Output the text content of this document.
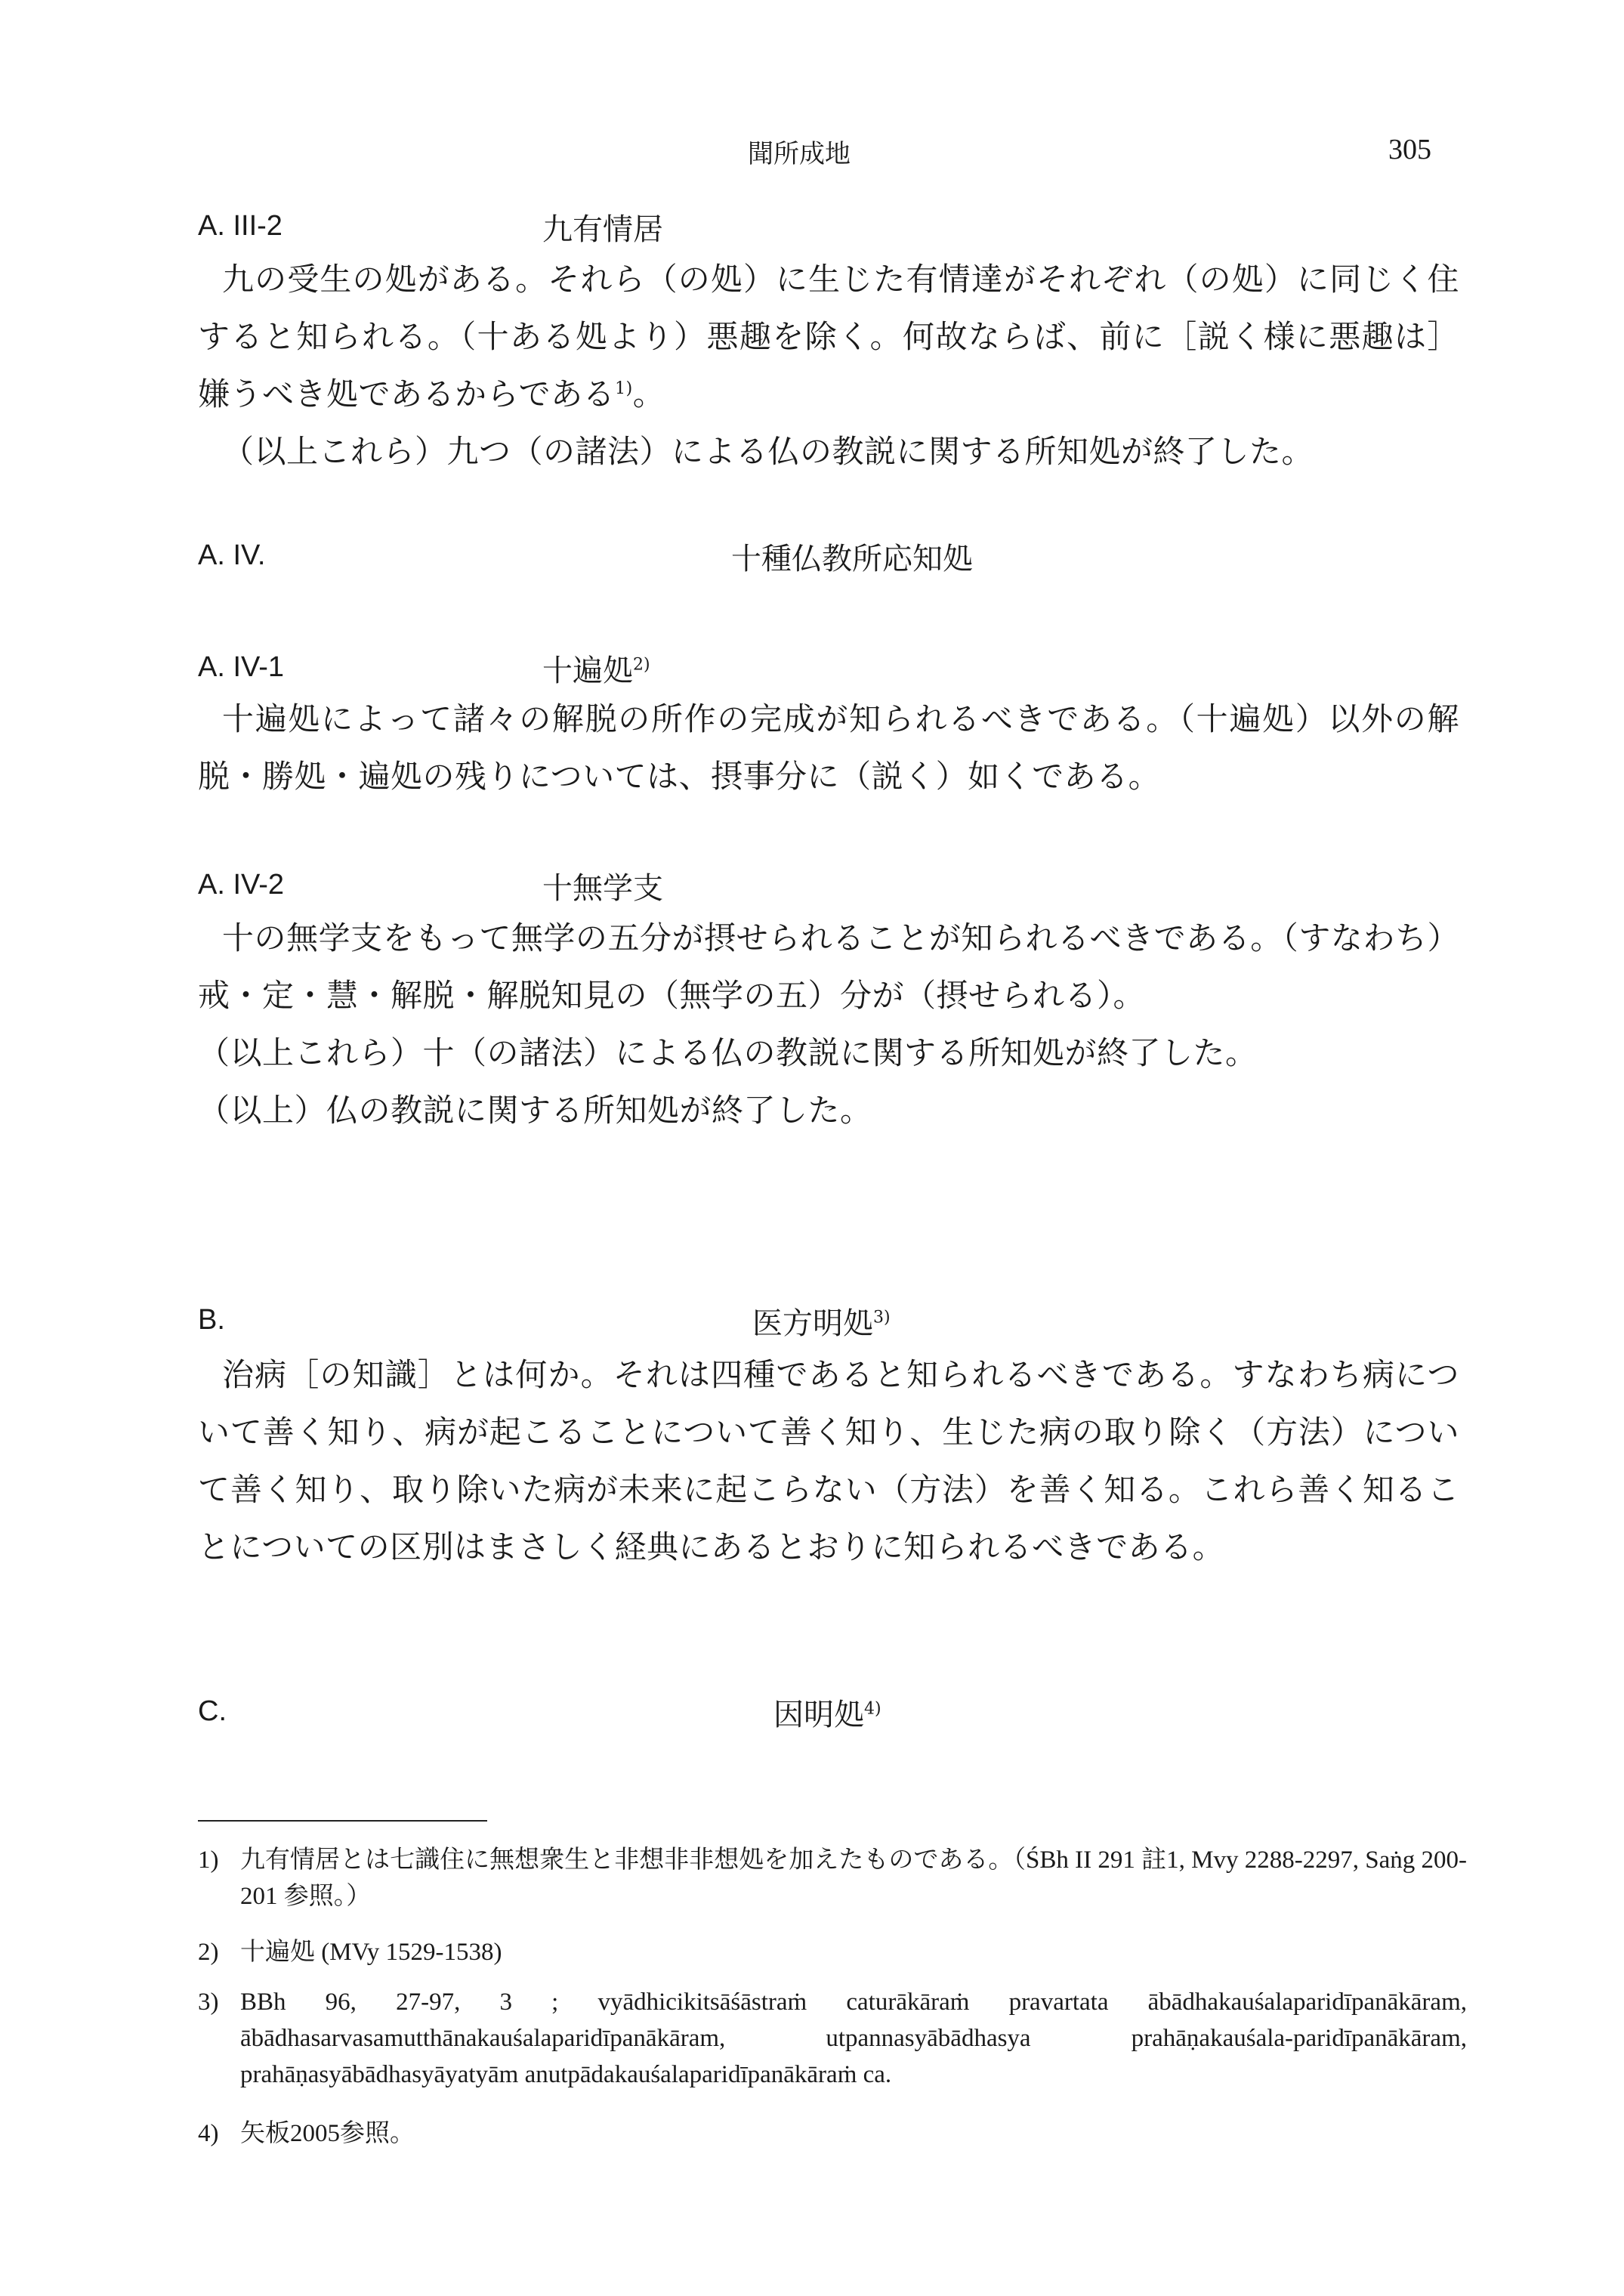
聞所成地	305
A. III-2	九有情居
九の受生の処がある。それら（の処）に生じた有情達がそれぞれ（の処）に同じく住すると知られる。（十ある処より）悪趣を除く。何故ならば、前に［説く様に悪趣は］嫌うべき処であるからである$^{1)}$。
（以上これら）九つ（の諸法）による仏の教説に関する所知処が終了した。
A. IV.	十種仏教所応知処
A. IV-1	十遍処$^{2)}$
十遍処によって諸々の解脱の所作の完成が知られるべきである。（十遍処）以外の解脱・勝処・遍処の残りについては、摂事分に（説く）如くである。
A. IV-2	十無学支
十の無学支をもって無学の五分が摂せられることが知られるべきである。（すなわち）戒・定・慧・解脱・解脱知見の（無学の五）分が（摂せられる）。
（以上これら）十（の諸法）による仏の教説に関する所知処が終了した。
（以上）仏の教説に関する所知処が終了した。
B.	医方明処$^{3)}$
治病［の知識］とは何か。それは四種であると知られるべきである。すなわち病について善く知り、病が起こることについて善く知り、生じた病の取り除く（方法）について善く知り、取り除いた病が未来に起こらない（方法）を善く知る。これら善く知ることについての区別はまさしく経典にあるとおりに知られるべきである。
C.	因明処$^{4)}$
1) 九有情居とは七識住に無想衆生と非想非非想処を加えたものである。（ŚBh II 291 註1, Mvy 2288-2297, Saṅg 200-201 参照。）
2) 十遍処 (MVy 1529-1538)
3) BBh 96, 27-97, 3 ; vyādhicikitsāśāstraṁ caturākāraṁ pravartata ābādhakauśalaparidīpanākāram, ābādhasarvasamutthānakauśalaparidīpanākāram, utpannasyābādhasya prahāṇakauśala-paridīpanākāram, prahāṇasyābādhasyāyatyām anutpādakauśalaparidīpanākāraṁ ca.
4) 矢板2005参照。
